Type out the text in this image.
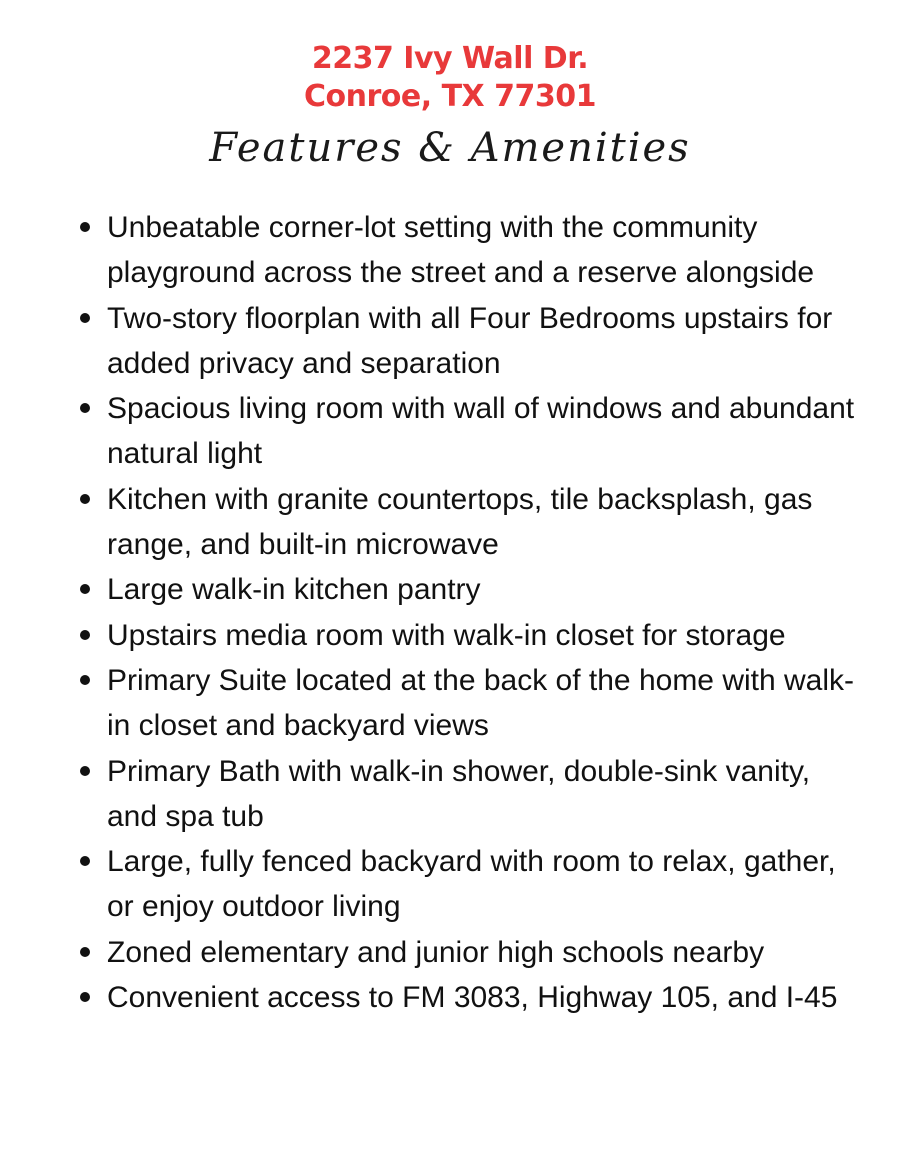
2237 Ivy Wall Dr.
Conroe, TX 77301
Features & Amenities
Unbeatable corner-lot setting with the community playground across the street and a reserve alongside
Two-story floorplan with all Four Bedrooms upstairs for added privacy and separation
Spacious living room with wall of windows and abundant natural light
Kitchen with granite countertops, tile backsplash, gas range, and built-in microwave
Large walk-in kitchen pantry
Upstairs media room with walk-in closet for storage
Primary Suite located at the back of the home with walk-in closet and backyard views
Primary Bath with walk-in shower, double-sink vanity, and spa tub
Large, fully fenced backyard with room to relax, gather, or enjoy outdoor living
Zoned elementary and junior high schools nearby
Convenient access to FM 3083, Highway 105, and I-45
